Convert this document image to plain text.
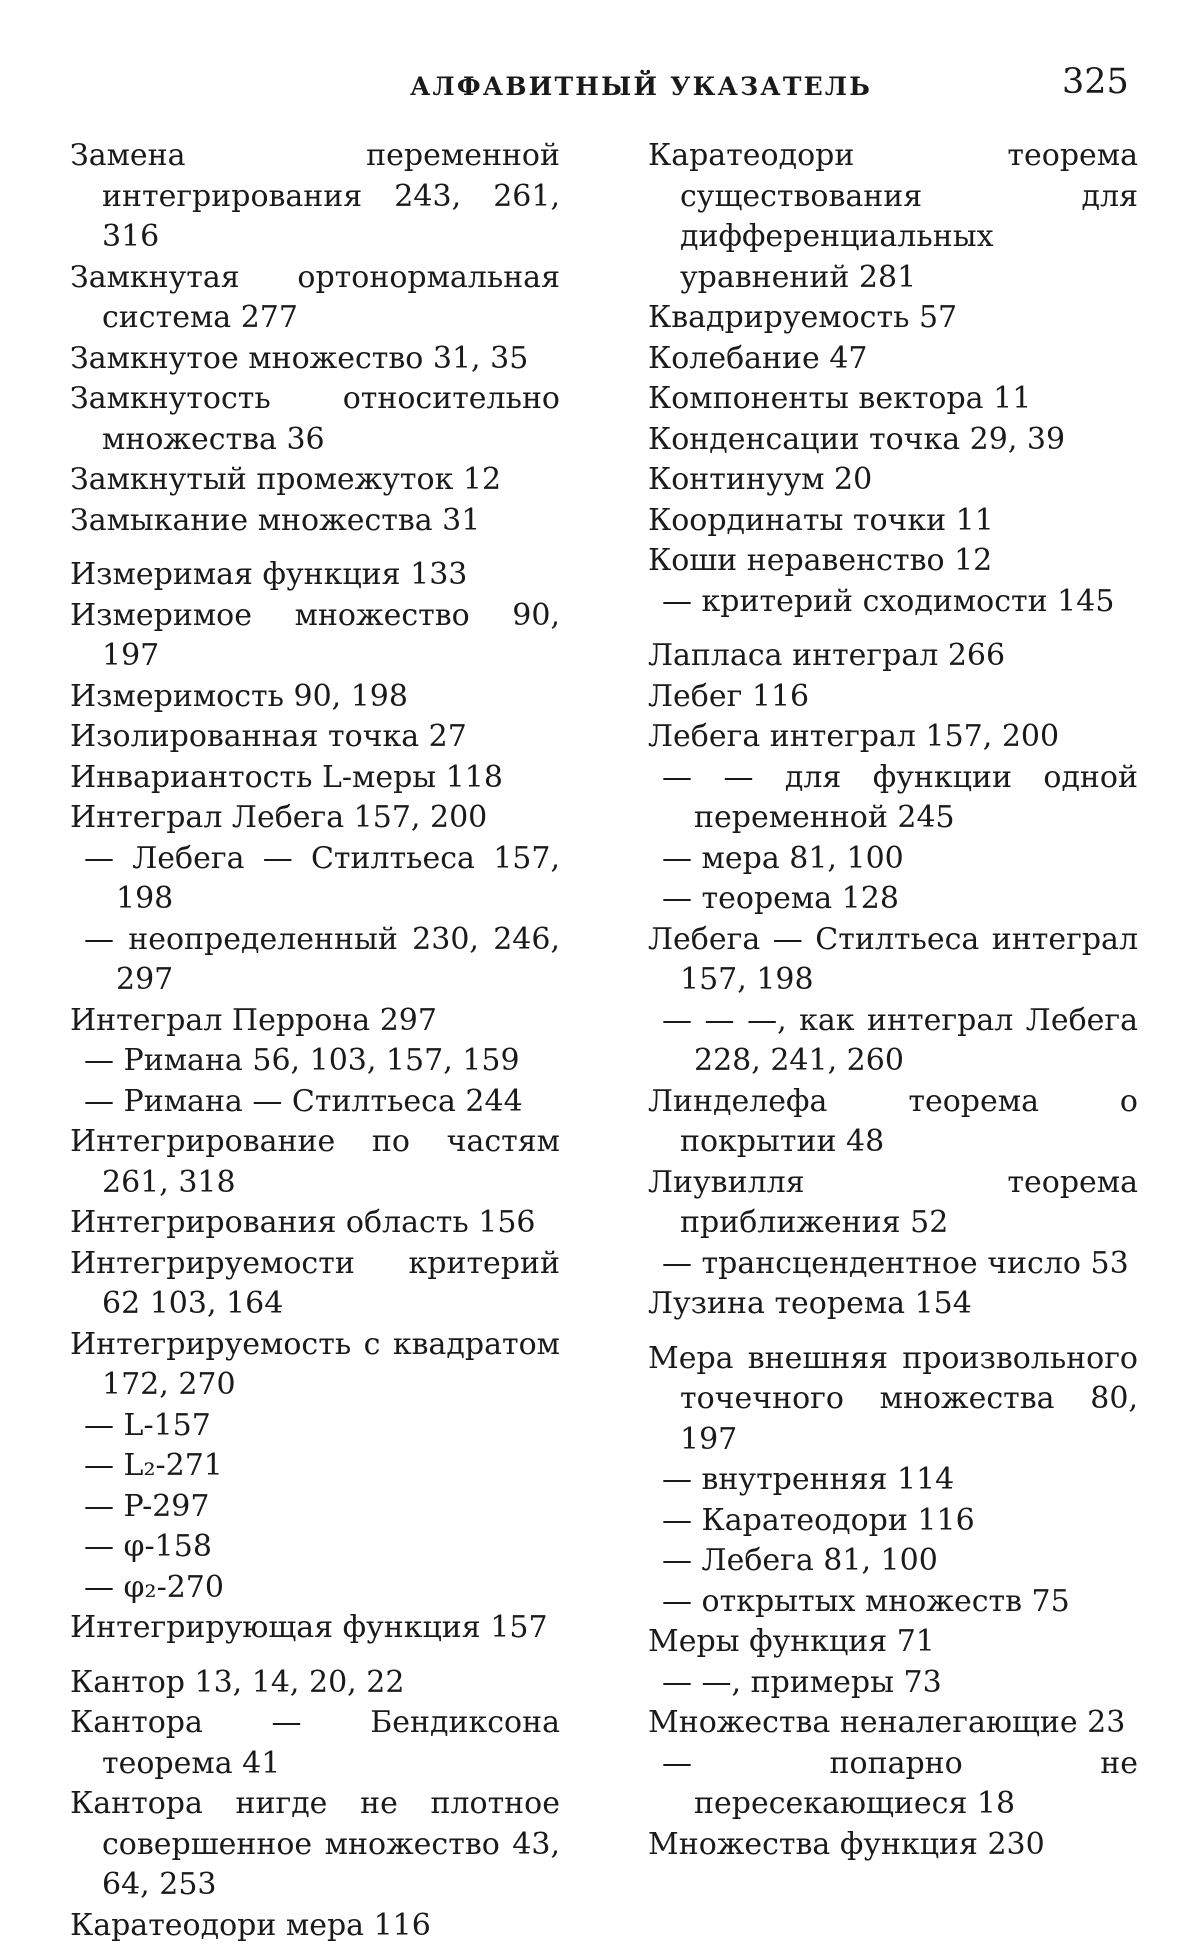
АЛФАВИТНЫЙ УКАЗАТЕЛЬ	325

Замена переменной интегрирования 243, 261, 316

Замкнутая ортонормальная система 277

Замкнутое множество 31, 35

Замкнутость относительно множества 36

Замкнутый промежуток 12

Замыкание множества 31

Измеримая функция 133

Измеримое множество 90, 197

Измеримость 90, 198

Изолированная точка 27

Инвариантость L-меры 118

Интеграл Лебега 157, 200

— Лебега — Стилтьеса 157, 198

— неопределенный 230, 246, 297

Интеграл Перрона 297

— Римана 56, 103, 157, 159

— Римана — Стилтьеса 244

Интегрирование по частям 261, 318

Интегрирования область 156

Интегрируемости критерий 62 103, 164

Интегрируемость с квадратом 172, 270

— L-157

— L₂-271

— P-297

— φ-158

— φ₂-270

Интегрирующая функция 157

Кантор 13, 14, 20, 22

Кантора — Бендиксона теорема 41

Кантора нигде не плотное совершенное множество 43, 64, 253

Каратеодори мера 116

Каратеодори теорема существования для дифференциальных уравнений 281

Квадрируемость 57

Колебание 47

Компоненты вектора 11

Конденсации точка 29, 39

Континуум 20

Координаты точки 11

Коши неравенство 12

— критерий сходимости 145

Лапласа интеграл 266

Лебег 116

Лебега интеграл 157, 200

— — для функции одной переменной 245

— мера 81, 100

— теорема 128

Лебега — Стилтьеса интеграл 157, 198

— — —, как интеграл Лебега 228, 241, 260

Линделефа теорема о покрытии 48

Лиувилля теорема приближения 52

— трансцендентное число 53

Лузина теорема 154

Мера внешняя произвольного точечного множества 80, 197

— внутренняя 114

— Каратеодори 116

— Лебега 81, 100

— открытых множеств 75

Меры функция 71

— —, примеры 73

Множества неналегающие 23

— попарно не пересекающиеся 18

Множества функция 230
